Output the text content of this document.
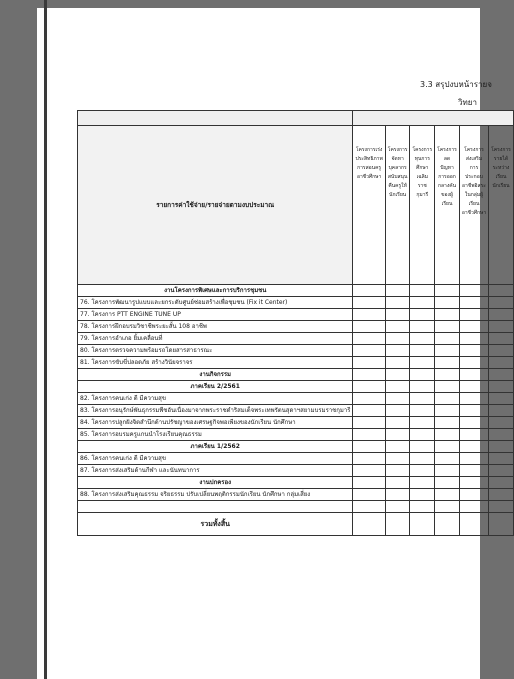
3.3 สรุปงบหน้ารายจ
วิทยา

รายการค่าใช้จ่าย/รายจ่ายตามงบประมาณ	โครงการเร่งประสิทธิภาพการสอนครูอาชีวศึกษา	โครงการจัดหาบุคลากรสนับสนุนคืนครูให้นักเรียน	โครงการทุนการศึกษาเฉลิมราชกุมารี	โครงการลดปัญหาการออกกลางคันของผู้เรียน	โครงการส่งเสริมการประกอบอาชีพอิสระในกลุ่มผู้เรียนอาชีวศึกษา	โครงการรายได้ระหว่างเรียนนักเรียน
งานโครงการพิเศษและการบริการชุมชน						
76. โครงการพัฒนารูปแบบและยกระดับศูนย์ซ่อมสร้างเพื่อชุมชน (Fix it Center)						
77. โครงการ PTT ENGINE TUNE UP						
78. โครงการฝึกอบรมวิชาชีพระยะสั้น 108 อาชีพ						
79. โครงการอำเภอ ยิ้มเคลื่อนที่						
80. โครงการตรวจความพร้อมรถโดยสารสาธารณะ						
81. โครงการขับขี่ปลอดภัย สร้างวินัยจราจร						
งานกิจกรรม						
ภาคเรียน 2/2561						
82. โครงการคนเก่ง ดี มีความสุข						
83. โครงการอนุรักษ์พันธุกรรมพืชอันเนื่องมาจากพระราชดำริสมเด็จพระเทพรัตนสุดาฯสยามบรมราชกุมารี						
84. โครงการปลูกฝังจิตสำนึกด้านปรัชญาของเศรษฐกิจพอเพียงของนักเรียน นักศึกษา						
85. โครงการอบรมครูแกนนำโรงเรียนคุณธรรม						
ภาคเรียน 1/2562						
86. โครงการคนเก่ง ดี มีความสุข						
87. โครงการส่งเสริมด้านกีฬา และนันทนาการ						
งานปกครอง						
88. โครงการส่งเสริมคุณธรรม จริยธรรม ปรับเปลี่ยนพฤติกรรมนักเรียน นักศึกษา กลุ่มเสี่ยง						

รวมทั้งสิ้น						
